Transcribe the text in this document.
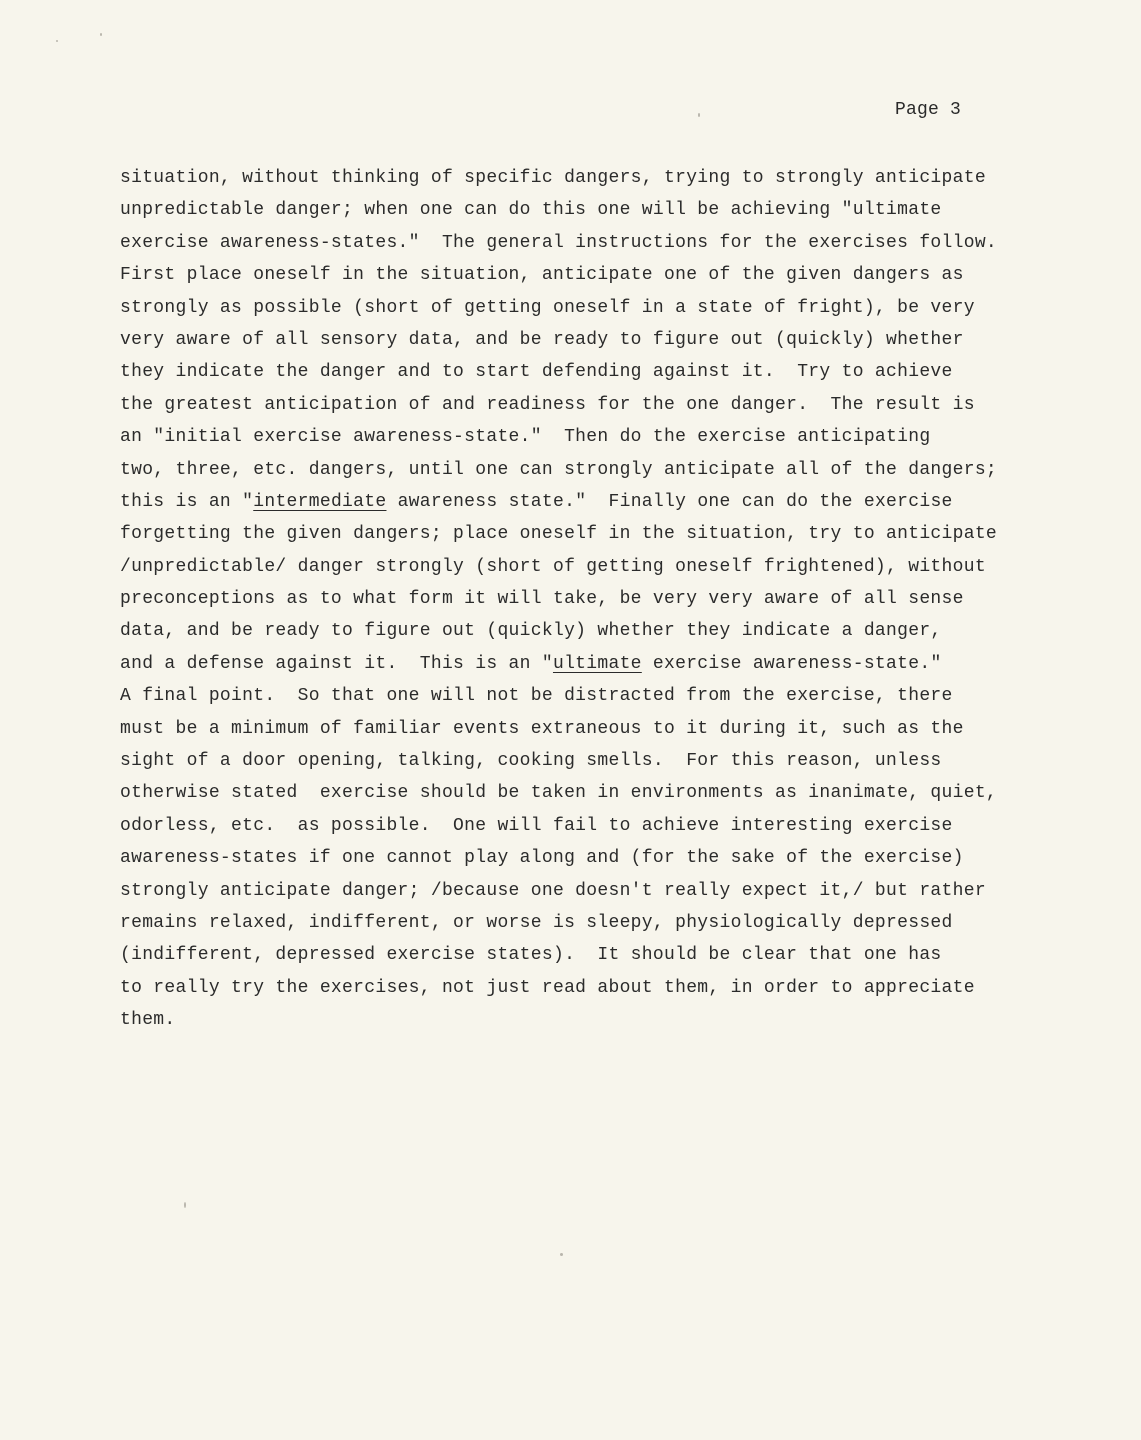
Page 3
situation, without thinking of specific dangers, trying to strongly anticipate
unpredictable danger; when one can do this one will be achieving "ultimate
exercise awareness-states."  The general instructions for the exercises follow.
First place oneself in the situation, anticipate one of the given dangers as
strongly as possible (short of getting oneself in a state of fright), be very
very aware of all sensory data, and be ready to figure out (quickly) whether
they indicate the danger and to start defending against it.  Try to achieve
the greatest anticipation of and readiness for the one danger.  The result is
an "initial exercise awareness-state."  Then do the exercise anticipating
two, three, etc. dangers, until one can strongly anticipate all of the dangers;
this is an "intermediate awareness state."  Finally one can do the exercise
forgetting the given dangers; place oneself in the situation, try to anticipate
/unpredictable/ danger strongly (short of getting oneself frightened), without
preconceptions as to what form it will take, be very very aware of all sense
data, and be ready to figure out (quickly) whether they indicate a danger,
and a defense against it.  This is an "ultimate exercise awareness-state."
A final point.  So that one will not be distracted from the exercise, there
must be a minimum of familiar events extraneous to it during it, such as the
sight of a door opening, talking, cooking smells.  For this reason, unless
otherwise stated  exercise should be taken in environments as inanimate, quiet,
odorless, etc.  as possible.  One will fail to achieve interesting exercise
awareness-states if one cannot play along and (for the sake of the exercise)
strongly anticipate danger; /because one doesn't really expect it,/ but rather
remains relaxed, indifferent, or worse is sleepy, physiologically depressed
(indifferent, depressed exercise states).  It should be clear that one has
to really try the exercises, not just read about them, in order to appreciate
them.
